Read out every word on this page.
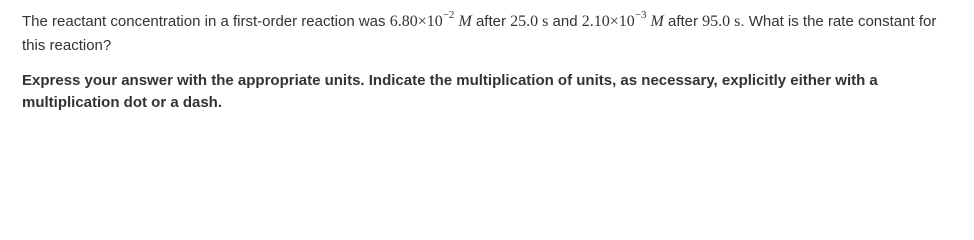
The reactant concentration in a first-order reaction was $6.80\times 10^{-2}$ M after 25.0 s and $2.10\times 10^{-3}$ M after 95.0 s. What is the rate constant for this reaction?

Express your answer with the appropriate units. Indicate the multiplication of units, as necessary, explicitly either with a multiplication dot or a dash.
